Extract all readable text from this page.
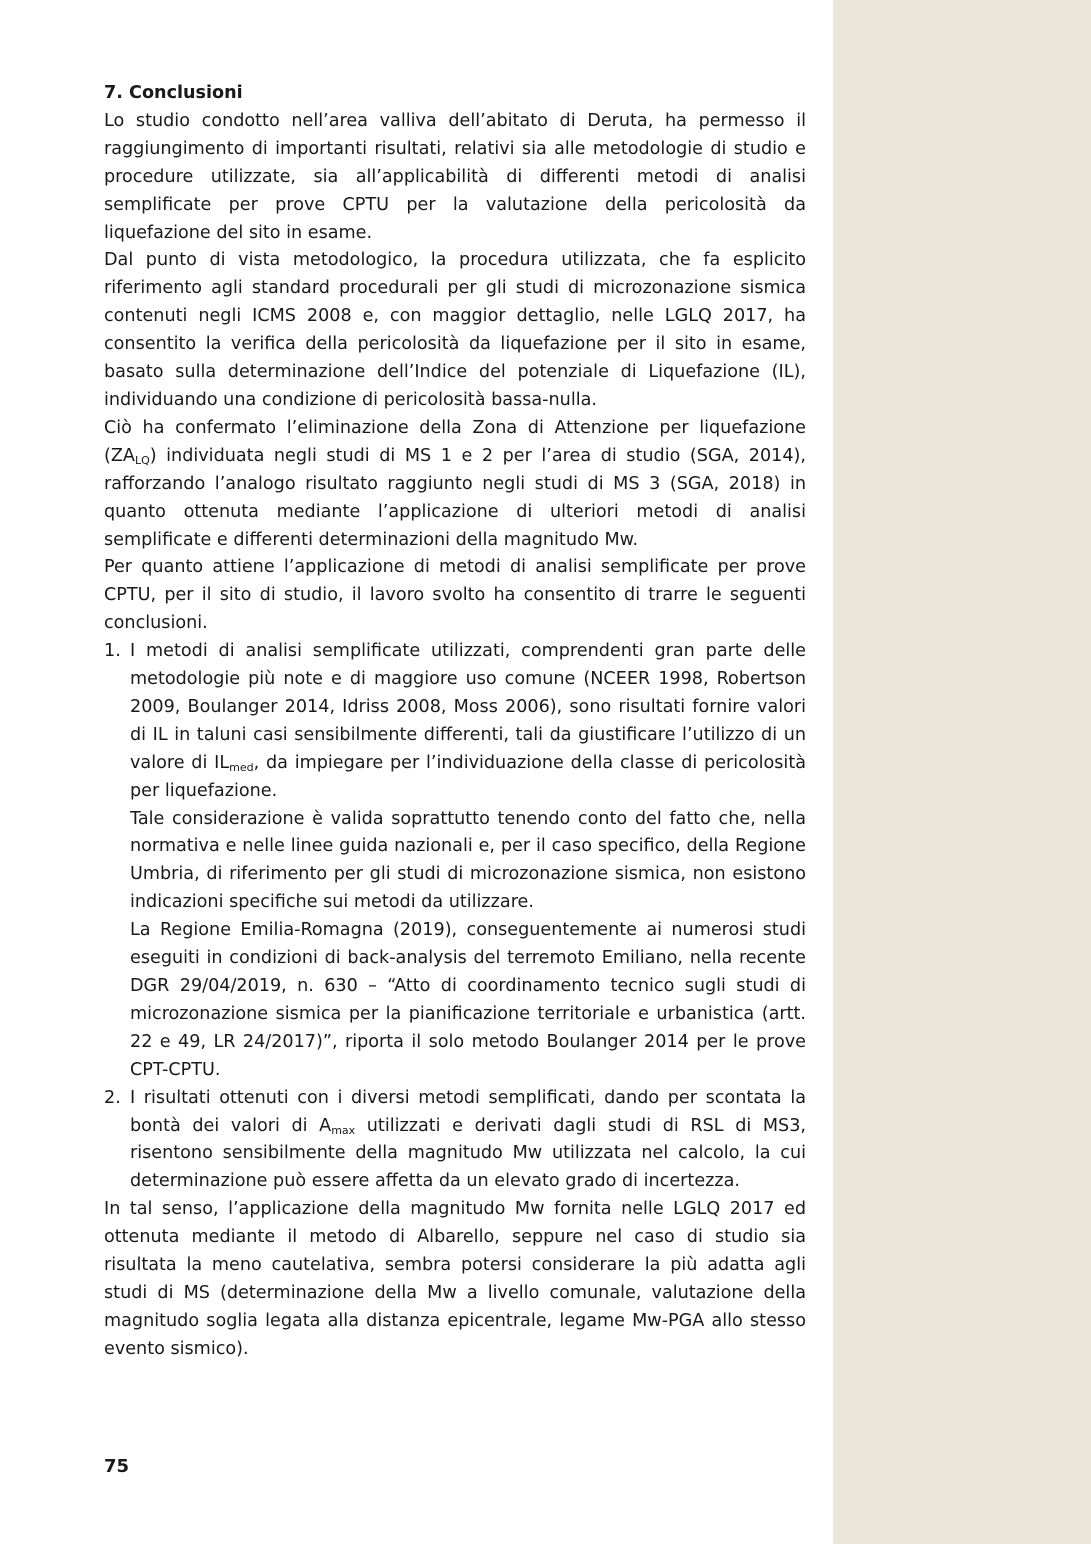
7. Conclusioni

Lo studio condotto nell’area valliva dell’abitato di Deruta, ha permesso il raggiungimento di importanti risultati, relativi sia alle metodologie di studio e procedure utilizzate, sia all’applicabilità di differenti metodi di analisi semplificate per prove CPTU per la valutazione della pericolosità da liquefazione del sito in esame.

Dal punto di vista metodologico, la procedura utilizzata, che fa esplicito riferimento agli standard procedurali per gli studi di microzonazione sismica contenuti negli ICMS 2008 e, con maggior dettaglio, nelle LGLQ 2017, ha consentito la verifica della pericolosità da liquefazione per il sito in esame, basato sulla determinazione dell’Indice del potenziale di Liquefazione (IL), individuando una condizione di pericolosità bassa-nulla.

Ciò ha confermato l’eliminazione della Zona di Attenzione per liquefazione $(ZA_{LQ})$ individuata negli studi di MS 1 e 2 per l’area di studio (SGA, 2014), rafforzando l’analogo risultato raggiunto negli studi di MS 3 (SGA, 2018) in quanto ottenuta mediante l’applicazione di ulteriori metodi di analisi semplificate e differenti determinazioni della magnitudo Mw.

Per quanto attiene l’applicazione di metodi di analisi semplificate per prove CPTU, per il sito di studio, il lavoro svolto ha consentito di trarre le seguenti conclusioni.

1. I metodi di analisi semplificate utilizzati, comprendenti gran parte delle metodologie più note e di maggiore uso comune (NCEER 1998, Robertson 2009, Boulanger 2014, Idriss 2008, Moss 2006), sono risultati fornire valori di IL in taluni casi sensibilmente differenti, tali da giustificare l’utilizzo di un valore di $IL_{med}$, da impiegare per l’individuazione della classe di pericolosità per liquefazione.

Tale considerazione è valida soprattutto tenendo conto del fatto che, nella normativa e nelle linee guida nazionali e, per il caso specifico, della Regione Umbria, di riferimento per gli studi di microzonazione sismica, non esistono indicazioni specifiche sui metodi da utilizzare.

La Regione Emilia-Romagna (2019), conseguentemente ai numerosi studi eseguiti in condizioni di back-analysis del terremoto Emiliano, nella recente DGR 29/04/2019, n. 630 – “Atto di coordinamento tecnico sugli studi di microzonazione sismica per la pianificazione territoriale e urbanistica (artt. 22 e 49, LR 24/2017)”, riporta il solo metodo Boulanger 2014 per le prove CPT-CPTU.

2. I risultati ottenuti con i diversi metodi semplificati, dando per scontata la bontà dei valori di $A_{max}$ utilizzati e derivati dagli studi di RSL di MS3, risentono sensibilmente della magnitudo Mw utilizzata nel calcolo, la cui determinazione può essere affetta da un elevato grado di incertezza.

In tal senso, l’applicazione della magnitudo Mw fornita nelle LGLQ 2017 ed ottenuta mediante il metodo di Albarello, seppure nel caso di studio sia risultata la meno cautelativa, sembra potersi considerare la più adatta agli studi di MS (determinazione della Mw a livello comunale, valutazione della magnitudo soglia legata alla distanza epicentrale, legame Mw-PGA allo stesso evento sismico).

75
